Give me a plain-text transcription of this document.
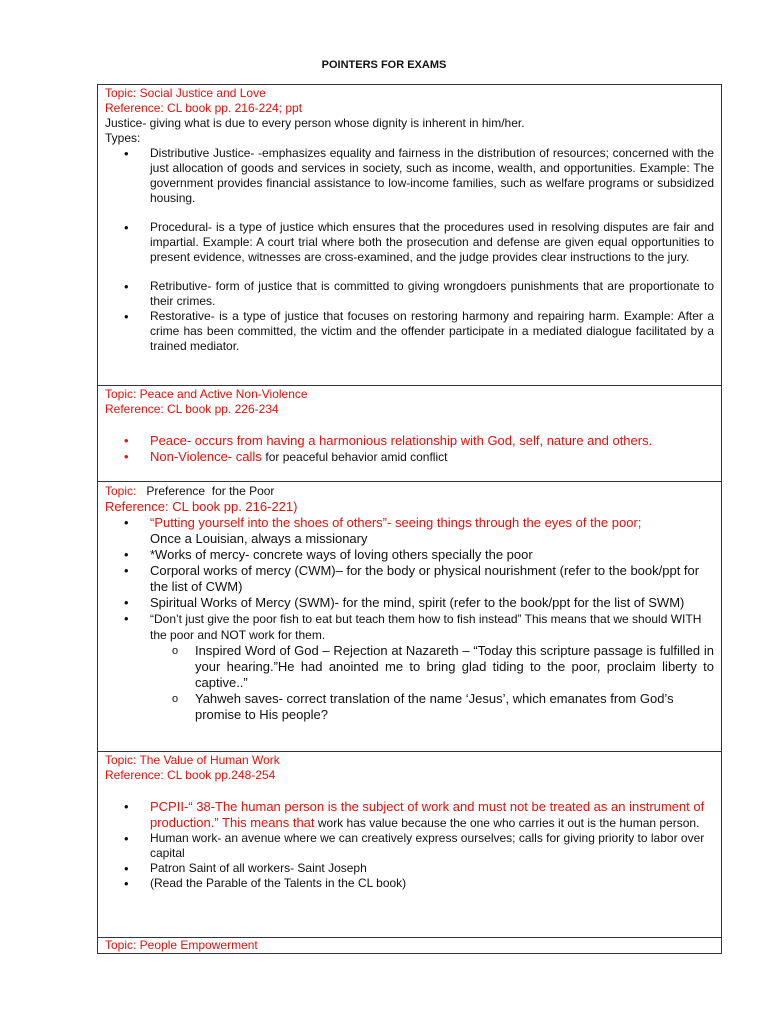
POINTERS FOR EXAMS
Topic: Social Justice and Love
Reference: CL book pp. 216-224; ppt
Justice- giving what is due to every person whose dignity is inherent in him/her.
Types:
•	Distributive Justice- -emphasizes equality and fairness in the distribution of resources; concerned with the just allocation of goods and services in society, such as income, wealth, and opportunities. Example: The government provides financial assistance to low-income families, such as welfare programs or subsidized housing.
•	Procedural- is a type of justice which ensures that the procedures used in resolving disputes are fair and impartial. Example: A court trial where both the prosecution and defense are given equal opportunities to present evidence, witnesses are cross-examined, and the judge provides clear instructions to the jury.
•	Retributive- form of justice that is committed to giving wrongdoers punishments that are proportionate to their crimes.
•	Restorative- is a type of justice that focuses on restoring harmony and repairing harm. Example: After a crime has been committed, the victim and the offender participate in a mediated dialogue facilitated by a trained mediator.
Topic: Peace and Active Non-Violence
Reference: CL book pp. 226-234
•	Peace- occurs from having a harmonious relationship with God, self, nature and others.
•	Non-Violence- calls for peaceful behavior amid conflict
Topic:   Preference  for the Poor
Reference: CL book pp. 216-221)
•	“Putting yourself into the shoes of others”- seeing things through the eyes of the poor;
Once a Louisian, always a missionary
•	*Works of mercy- concrete ways of loving others specially the poor
•	Corporal works of mercy (CWM)– for the body or physical nourishment (refer to the book/ppt for the list of CWM)
•	Spiritual Works of Mercy (SWM)- for the mind, spirit (refer to the book/ppt for the list of SWM)
•	“Don’t just give the poor fish to eat but teach them how to fish instead” This means that we should WITH the poor and NOT work for them.
o Inspired Word of God – Rejection at Nazareth – “Today this scripture passage is fulfilled in your hearing.”He had anointed me to bring glad tiding to the poor, proclaim liberty to captive..”
o Yahweh saves- correct translation of the name ‘Jesus’, which emanates from God’s promise to His people?
Topic: The Value of Human Work
Reference: CL book pp.248-254
•	PCPII-“ 38-The human person is the subject of work and must not be treated as an instrument of production.” This means that work has value because the one who carries it out is the human person.
•	Human work- an avenue where we can creatively express ourselves; calls for giving priority to labor over capital
•	Patron Saint of all workers- Saint Joseph
•	(Read the Parable of the Talents in the CL book)
Topic: People Empowerment
